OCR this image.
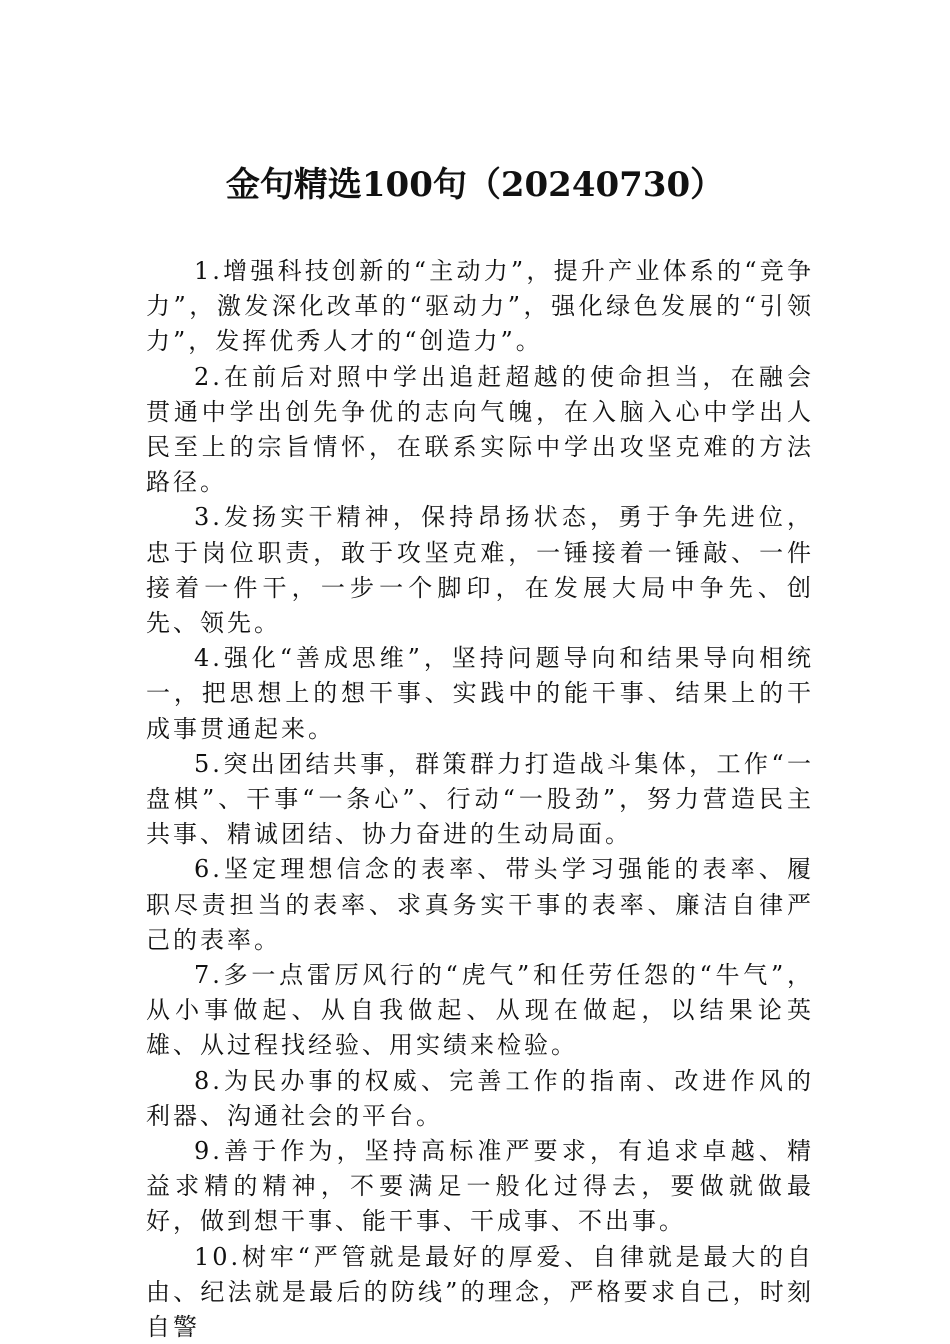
金句精选100句（20240730）

1.增强科技创新的“主动力”，提升产业体系的“竞争力”，激发深化改革的“驱动力”，强化绿色发展的“引领力”，发挥优秀人才的“创造力”。

2.在前后对照中学出追赶超越的使命担当，在融会贯通中学出创先争优的志向气魄，在入脑入心中学出人民至上的宗旨情怀，在联系实际中学出攻坚克难的方法路径。

3.发扬实干精神，保持昂扬状态，勇于争先进位，忠于岗位职责，敢于攻坚克难，一锤接着一锤敲、一件接着一件干，一步一个脚印，在发展大局中争先、创先、领先。

4.强化“善成思维”，坚持问题导向和结果导向相统一，把思想上的想干事、实践中的能干事、结果上的干成事贯通起来。

5.突出团结共事，群策群力打造战斗集体，工作“一盘棋”、干事“一条心”、行动“一股劲”，努力营造民主共事、精诚团结、协力奋进的生动局面。

6.坚定理想信念的表率、带头学习强能的表率、履职尽责担当的表率、求真务实干事的表率、廉洁自律严己的表率。

7.多一点雷厉风行的“虎气”和任劳任怨的“牛气”，从小事做起、从自我做起、从现在做起，以结果论英雄、从过程找经验、用实绩来检验。

8.为民办事的权威、完善工作的指南、改进作风的利器、沟通社会的平台。

9.善于作为，坚持高标准严要求，有追求卓越、精益求精的精神，不要满足一般化过得去，要做就做最好，做到想干事、能干事、干成事、不出事。

10.树牢“严管就是最好的厚爱、自律就是最大的自由、纪法就是最后的防线”的理念，严格要求自己，时刻自警
